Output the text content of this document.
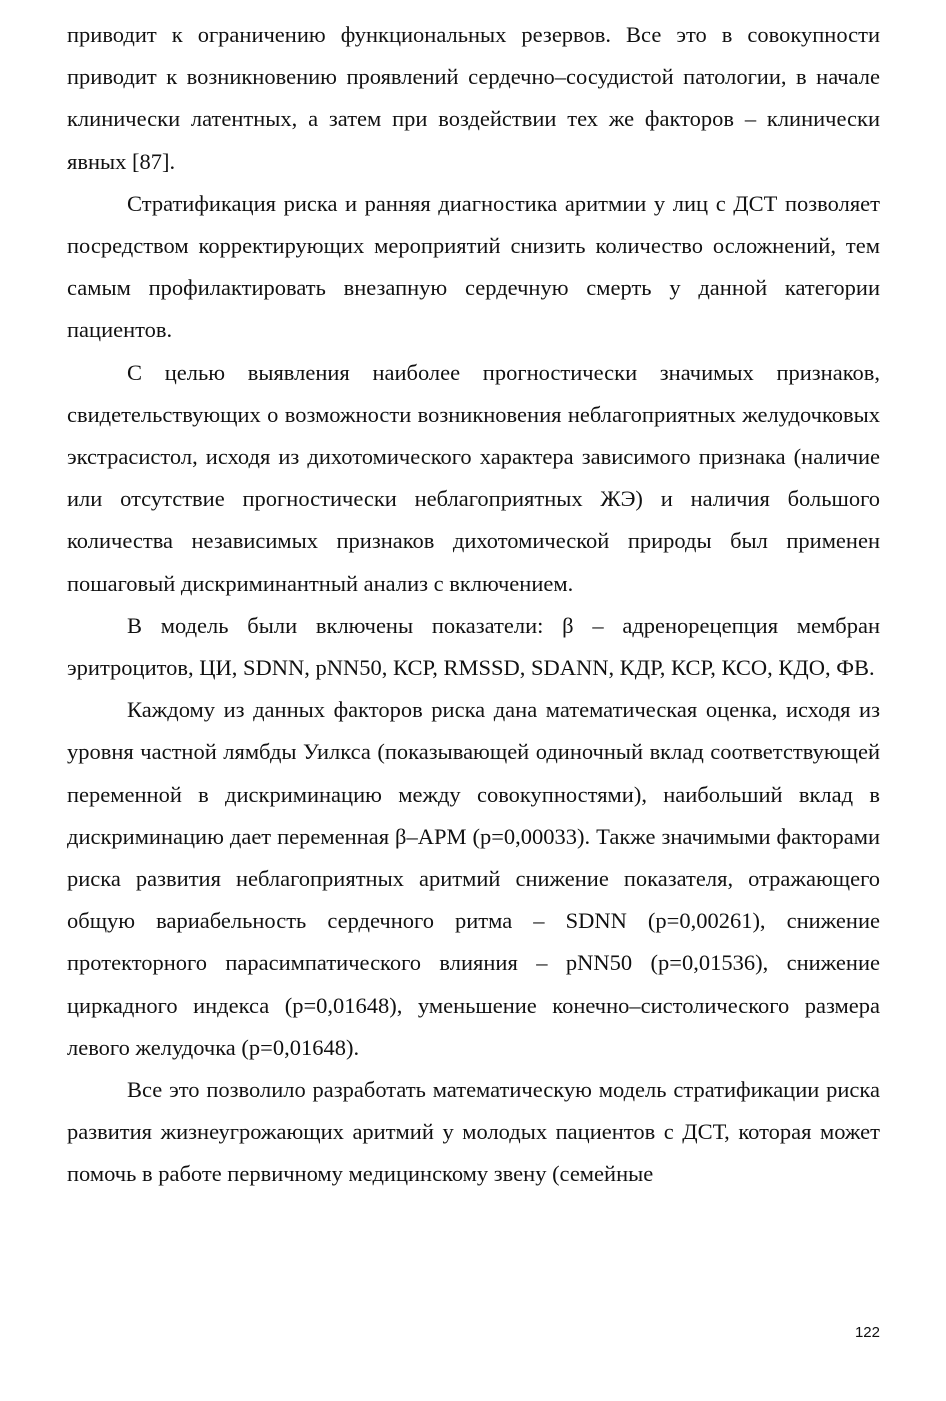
приводит к ограничению функциональных резервов. Все это в совокупности приводит к возникновению проявлений сердечно–сосудистой патологии, в начале клинически латентных, а затем при воздействии тех же факторов – клинически явных [87].

Стратификация риска и ранняя диагностика аритмии у лиц с ДСТ позволяет посредством корректирующих мероприятий снизить количество осложнений, тем самым профилактировать внезапную сердечную смерть у данной категории пациентов.

С целью выявления наиболее прогностически значимых признаков, свидетельствующих о возможности возникновения неблагоприятных желудочковых экстрасистол, исходя из дихотомического характера зависимого признака (наличие или отсутствие прогностически неблагоприятных ЖЭ) и наличия большого количества независимых признаков дихотомической природы был применен пошаговый дискриминантный анализ с включением.

В модель были включены показатели: β – адренорецепция мембран эритроцитов, ЦИ, SDNN, pNN50, КСР, RMSSD, SDANN, КДР, КСР, КСО, КДО, ФВ.

Каждому из данных факторов риска дана математическая оценка, исходя из уровня частной лямбды Уилкса (показывающей одиночный вклад соответствующей переменной в дискриминацию между совокупностями), наибольший вклад в дискриминацию дает переменная β–АРМ (p=0,00033). Также значимыми факторами риска развития неблагоприятных аритмий снижение показателя, отражающего общую вариабельность сердечного ритма – SDNN (p=0,00261), снижение протекторного парасимпатического влияния – pNN50 (p=0,01536), снижение циркадного индекса (p=0,01648), уменьшение конечно–систолического размера левого желудочка (p=0,01648).

Все это позволило разработать математическую модель стратификации риска развития жизнеугрожающих аритмий у молодых пациентов с ДСТ, которая может помочь в работе первичному медицинскому звену (семейные

122
